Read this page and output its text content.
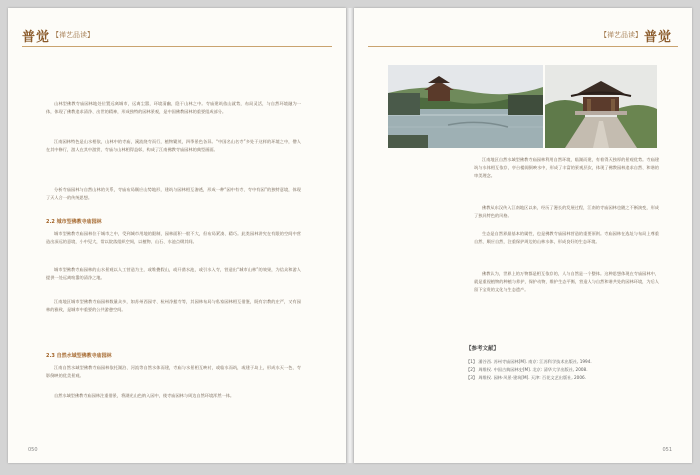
普觉 【禅艺品读】

山林型佛教寺庙园林地处位置远离城市，远离尘嚣，环境清幽，隐于山林之中。寺庙建筑依山就势，布局灵活，与自然环境融为一体，体现了佛教追求清净、出世的精神，形成独特的园林景观，是中国佛教园林的重要组成部分。

江南园林特色是山水相依，山林中的寺庙，溪流绕寺而行，植物繁茂，四季景色各异。“中国名山名寺”多处于这样的环境之中，僧人在其中修行，游人在其中游赏，寺庙与山林相得益彰，构成了江南佛教寺庙园林的典型画面。

分析寺庙园林与自然山林的关系，寺庙布局顺应山势地形，建筑与园林相互渗透，形成一种“园中有寺、寺中有园”的独特意境，体现了天人合一的传统思想。

2.2 城市型佛教寺庙园林

城市型佛教寺庙园林位于城市之中，受到城市用地的限制，园林面积一般不大，但布局紧凑、精巧。此类园林讲究在有限的空间中营造出深远的意境，小中见大，常以院落组织空间，以植物、山石、水池点缀其间。

城市型佛教寺庙园林的山水景观以人工营造为主，或堆叠假山，或开凿水池，或引水入寺，营造出“城市山林”的效果，为信众和游人提供一处远离喧嚣的清净之地。

江南地区城市型佛教寺庙园林数量众多，如苏州西园寺、杭州净慈寺等，其园林布局与私家园林相互借鉴，既有宗教的庄严，又有园林的雅致，是城市中重要的公共游憩空间。

2.3 自然水域型佛教寺庙园林

江南自然水域型佛教寺庙园林依托湖泊、河流等自然水体而建，寺庙与水景相互映衬，或临水而筑，或建于岛上，形成水天一色、寺影倒映的优美景观。

自然水域型佛教寺庙园林注重借景，将湖光山色纳入园中，使寺庙园林与周边自然环境浑然一体。

050
【禅艺品读】 普觉

江南地区自然水域型佛教寺庙园林利用自然环境，临湖而建，有着得天独厚的景观优势。寺庙建筑与水体相互依存，亭台楼阁倒映水中，形成了丰富的景观层次，体现了佛教园林追求自然、和谐的审美理念。

佛教从东汉传入江南地区以来，经历了漫长的发展过程，江南的寺庙园林也随之不断演变，形成了独具特色的风格。

生态是自然界最基本的属性，也是佛教寺庙园林营造的重要原则。寺庙园林在选址与布局上尊重自然、顺应自然，注重保护周边的山林水体，形成良好的生态环境。

佛教认为，世界上的万物都是相互依存的，人与自然是一个整体。这种思想体现在寺庙园林中，就是重视植物的种植与养护，保护动物，维护生态平衡，营造人与自然和谐共处的园林环境，为后人留下宝贵的文化与生态遗产。

【参考文献】
【1】 潘谷西. 苏州寺庙园林[M]. 南京: 江苏科学技术出版社, 1994.
【2】 周维权. 中国古典园林史[M]. 北京: 清华大学出版社, 2008.
【3】 周维权. 园林·风景·建筑[M]. 天津: 百花文艺出版社, 2006.
051
